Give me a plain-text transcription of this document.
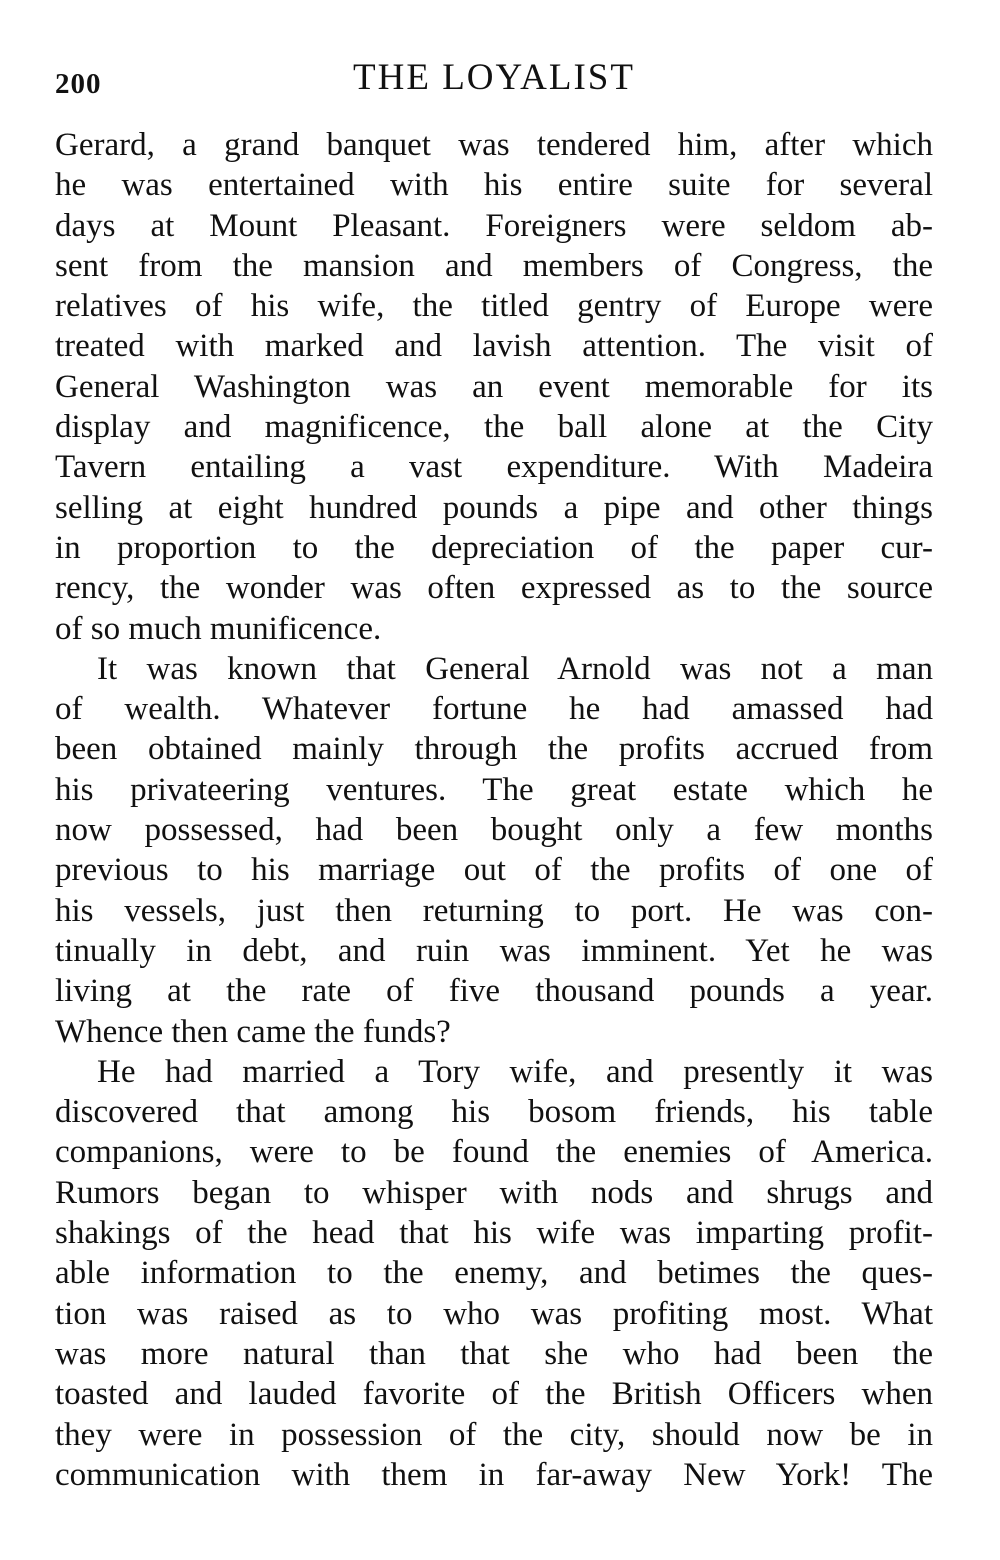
200	THE LOYALIST
Gerard, a grand banquet was tendered him, after which
he was entertained with his entire suite for several
days at Mount Pleasant. Foreigners were seldom ab-
sent from the mansion and members of Congress, the
relatives of his wife, the titled gentry of Europe were
treated with marked and lavish attention. The visit of
General Washington was an event memorable for its
display and magnificence, the ball alone at the City
Tavern entailing a vast expenditure. With Madeira
selling at eight hundred pounds a pipe and other things
in proportion to the depreciation of the paper cur-
rency, the wonder was often expressed as to the source
of so much munificence.
It was known that General Arnold was not a man
of wealth. Whatever fortune he had amassed had
been obtained mainly through the profits accrued from
his privateering ventures. The great estate which he
now possessed, had been bought only a few months
previous to his marriage out of the profits of one of
his vessels, just then returning to port. He was con-
tinually in debt, and ruin was imminent. Yet he was
living at the rate of five thousand pounds a year.
Whence then came the funds?
He had married a Tory wife, and presently it was
discovered that among his bosom friends, his table
companions, were to be found the enemies of America.
Rumors began to whisper with nods and shrugs and
shakings of the head that his wife was imparting profit-
able information to the enemy, and betimes the ques-
tion was raised as to who was profiting most. What
was more natural than that she who had been the
toasted and lauded favorite of the British Officers when
they were in possession of the city, should now be in
communication with them in far-away New York! The
